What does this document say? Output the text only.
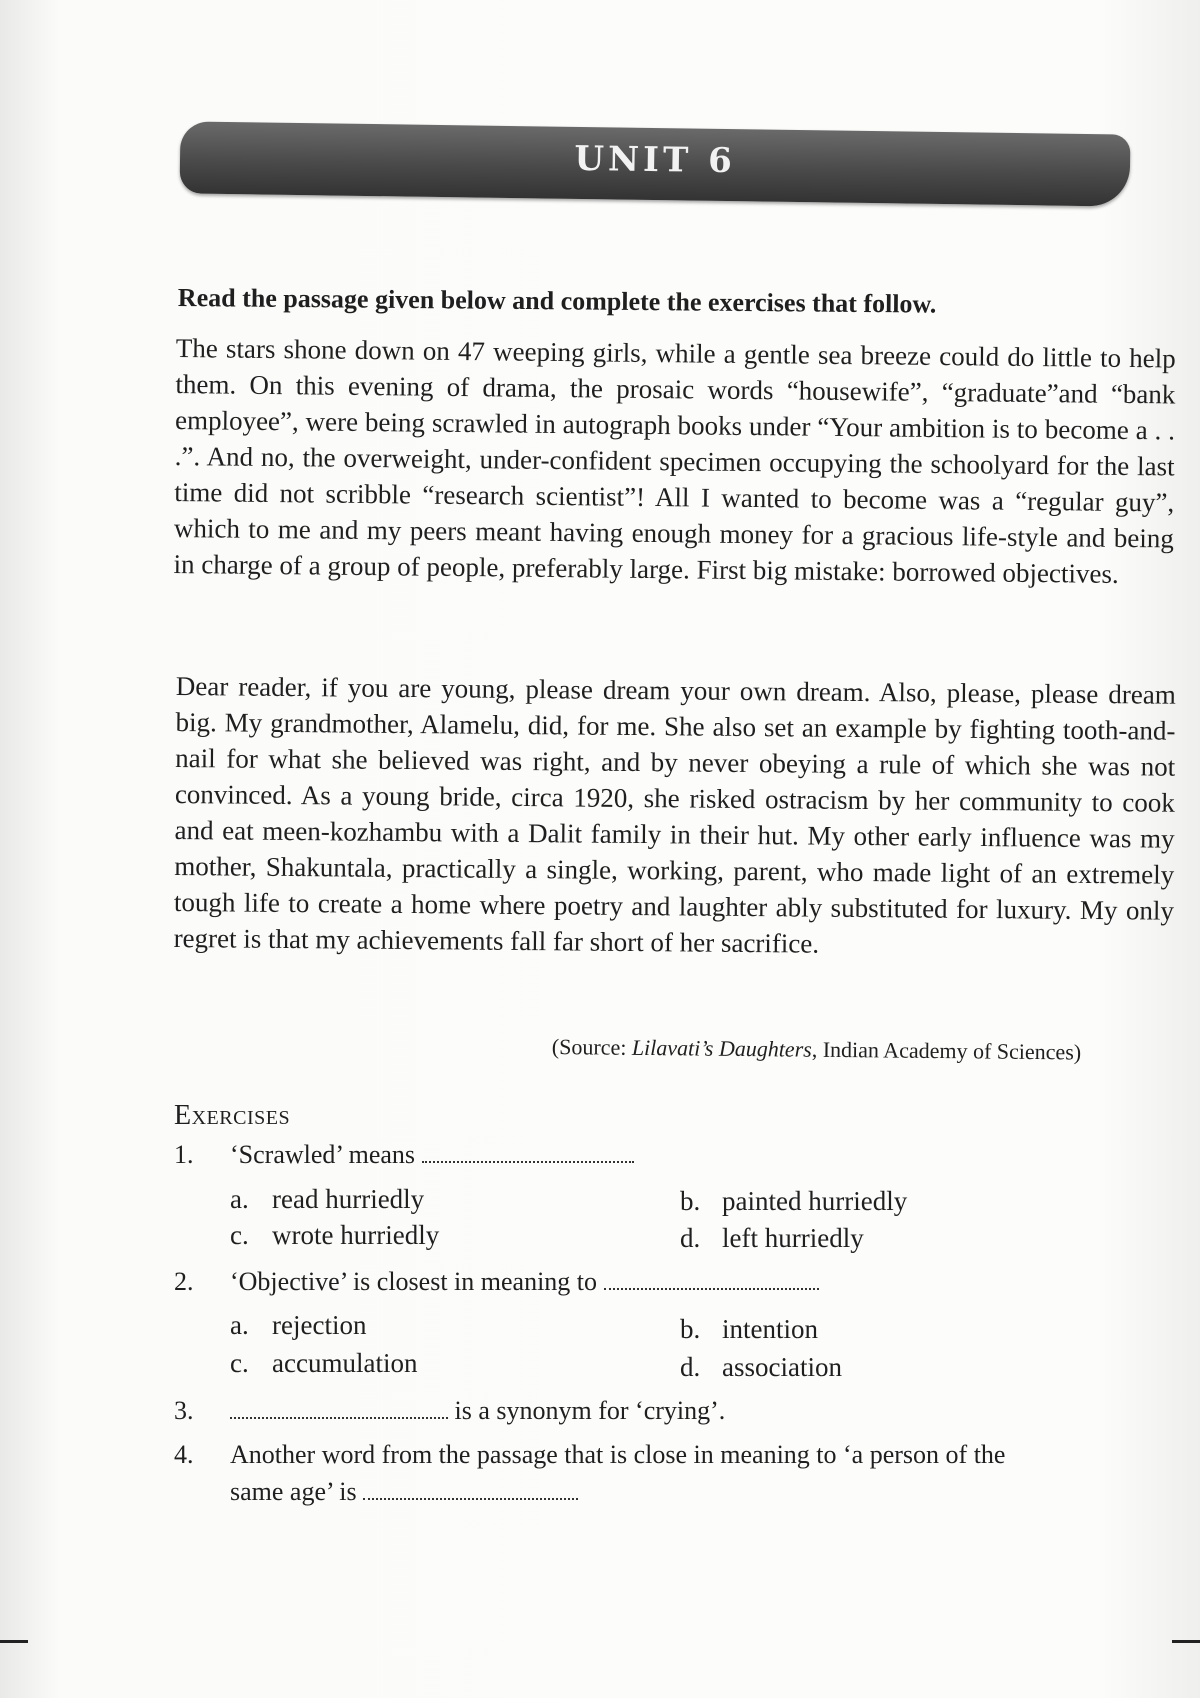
UNIT 6
Read the passage given below and complete the exercises that follow.
The stars shone down on 47 weeping girls, while a gentle sea breeze could do little to help them. On this evening of drama, the prosaic words “housewife”, “graduate”and “bank employee”, were being scrawled in autograph books under “Your ambition is to become a . . .”. And no, the overweight, under-confident specimen occupying the schoolyard for the last time did not scribble “research scientist”! All I wanted to become was a “regular guy”, which to me and my peers meant having enough money for a gracious life-style and being in charge of a group of people, preferably large. First big mistake: borrowed objectives.
Dear reader, if you are young, please dream your own dream. Also, please, please dream big. My grandmother, Alamelu, did, for me. She also set an example by fighting tooth-and-nail for what she believed was right, and by never obeying a rule of which she was not convinced. As a young bride, circa 1920, she risked ostracism by her community to cook and eat meen-kozhambu with a Dalit family in their hut. My other early influence was my mother, Shakuntala, practically a single, working, parent, who made light of an extremely tough life to create a home where poetry and laughter ably substituted for luxury. My only regret is that my achievements fall far short of her sacrifice.
(Source: Lilavati’s Daughters, Indian Academy of Sciences)
Exercises
1. ‘Scrawled’ means
a. read hurriedly	b. painted hurriedly
c. wrote hurriedly	d. left hurriedly
2. ‘Objective’ is closest in meaning to
a. rejection	b. intention
c. accumulation	d. association
3.	is a synonym for ‘crying’.
4. Another word from the passage that is close in meaning to ‘a person of the
same age’ is
